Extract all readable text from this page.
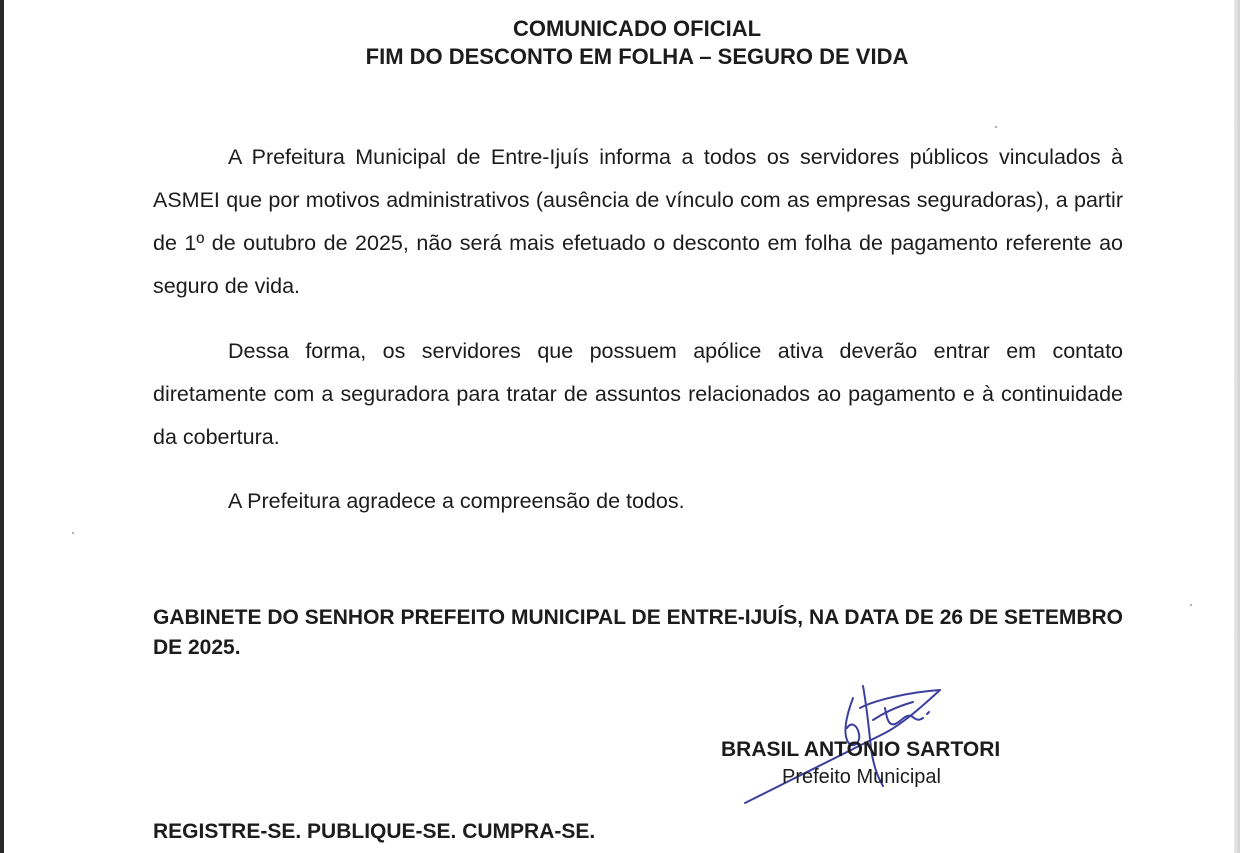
COMUNICADO OFICIAL
FIM DO DESCONTO EM FOLHA – SEGURO DE VIDA

A Prefeitura Municipal de Entre-Ijuís informa a todos os servidores públicos vinculados à ASMEI que por motivos administrativos (ausência de vínculo com as empresas seguradoras), a partir de 1º de outubro de 2025, não será mais efetuado o desconto em folha de pagamento referente ao seguro de vida.

Dessa forma, os servidores que possuem apólice ativa deverão entrar em contato diretamente com a seguradora para tratar de assuntos relacionados ao pagamento e à continuidade da cobertura.

A Prefeitura agradece a compreensão de todos.

GABINETE DO SENHOR PREFEITO MUNICIPAL DE ENTRE-IJUÍS, NA DATA DE 26 DE SETEMBRO DE 2025.

BRASIL ANTONIO SARTORI
Prefeito Municipal

REGISTRE-SE. PUBLIQUE-SE. CUMPRA-SE.
